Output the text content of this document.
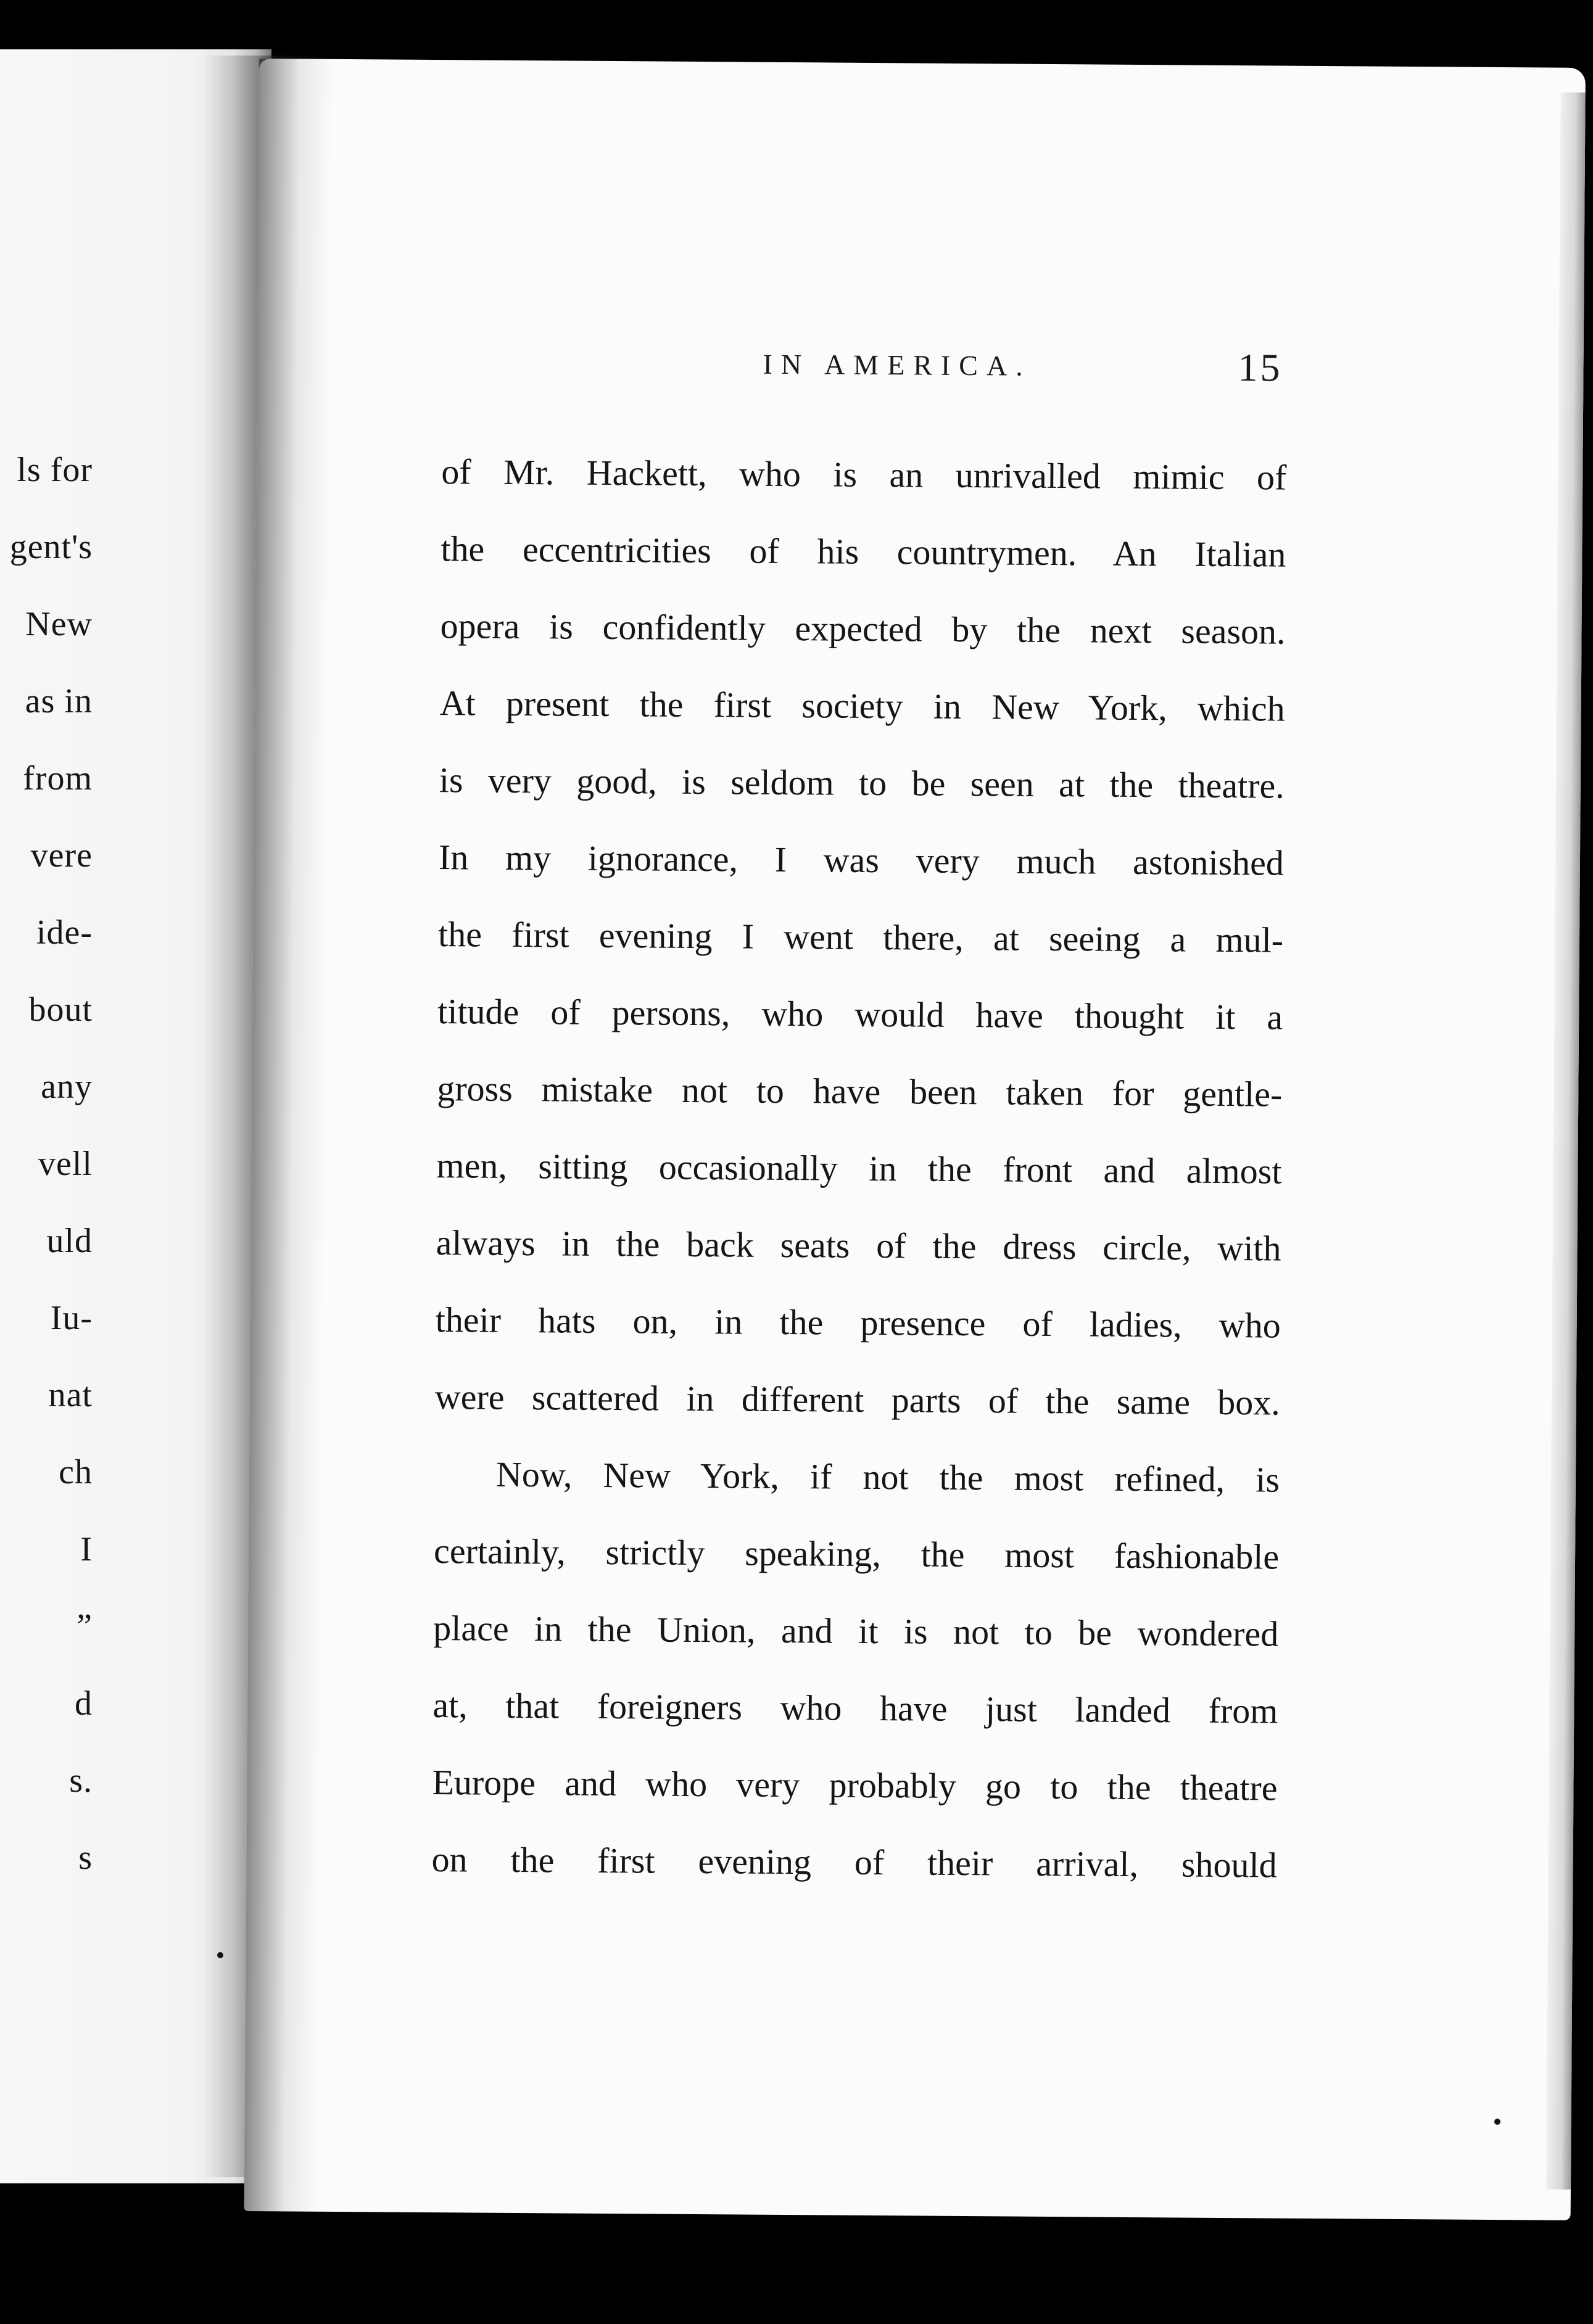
ls for
gent's
New
as in
from
vere
ide-
bout
any
vell
uld
Iu-
nat
ch
I
”
d
s.
s
IN AMERICA.	15
of Mr. Hackett, who is an unrivalled mimic of
the eccentricities of his countrymen. An Italian
opera is confidently expected by the next season.
At present the first society in New York, which
is very good, is seldom to be seen at the theatre.
In my ignorance, I was very much astonished
the first evening I went there, at seeing a mul-
titude of persons, who would have thought it a
gross mistake not to have been taken for gentle-
men, sitting occasionally in the front and almost
always in the back seats of the dress circle, with
their hats on, in the presence of ladies, who
were scattered in different parts of the same box.
Now, New York, if not the most refined, is
certainly, strictly speaking, the most fashionable
place in the Union, and it is not to be wondered
at, that foreigners who have just landed from
Europe and who very probably go to the theatre
on the first evening of their arrival, should
